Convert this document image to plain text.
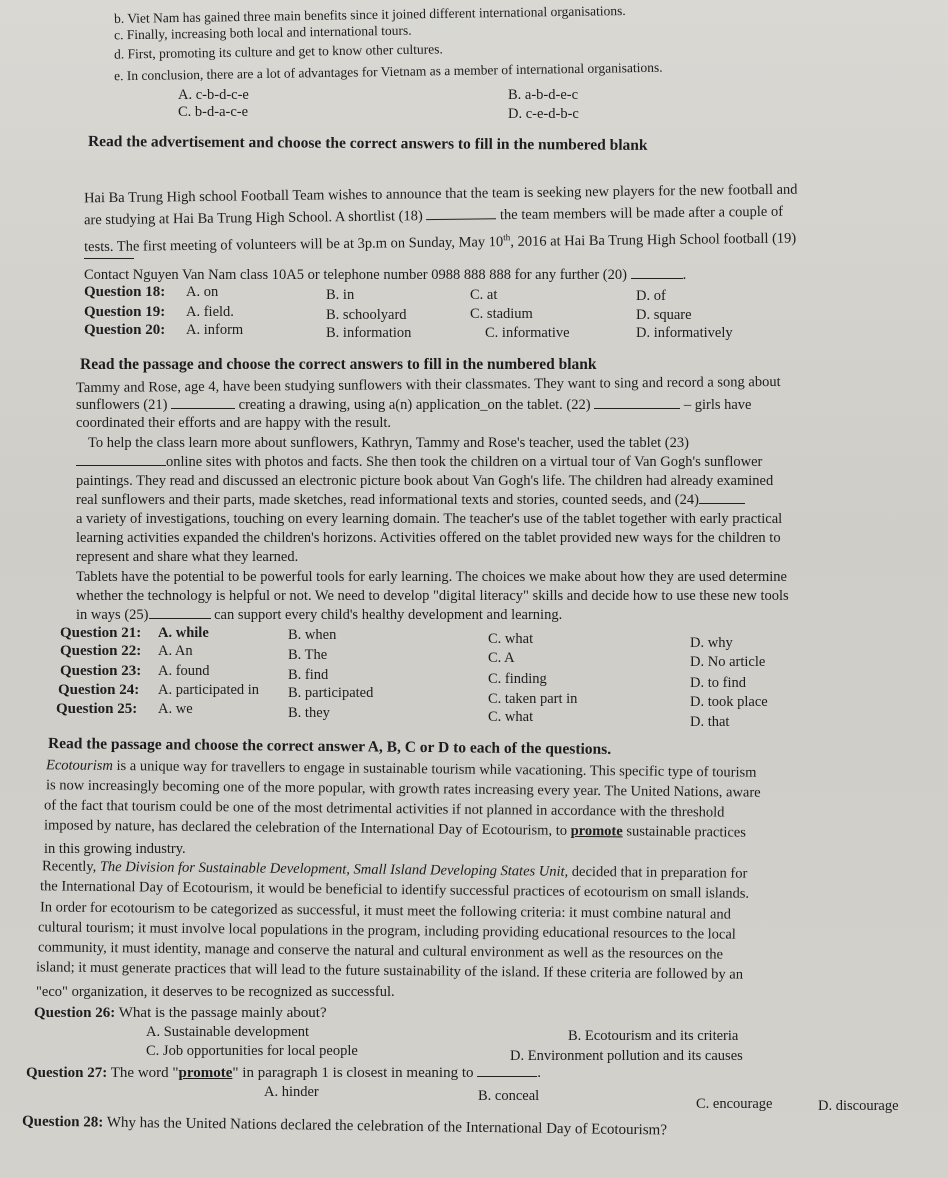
b. Viet Nam has gained three main benefits since it joined different international organisations.
c. Finally, increasing both local and international tours.
d. First, promoting its culture and get to know other cultures.
e. In conclusion, there are a lot of advantages for Vietnam as a member of international organisations.
A. c-b-d-c-e	B. a-b-d-e-c
C. b-d-a-c-e	D. c-e-d-b-c
Read the advertisement and choose the correct answers to fill in the numbered blank
Hai Ba Trung High school Football Team wishes to announce that the team is seeking new players for the new football and
are studying at Hai Ba Trung High School. A shortlist (18)	the team members will be made after a couple of
tests. The first meeting of volunteers will be at 3p.m on Sunday, May 10th, 2016 at Hai Ba Trung High School football (19)
Contact Nguyen Van Nam class 10A5 or telephone number 0988 888 888 for any further (20)	.
Question 18: A. on	B. in	C. at	D. of
Question 19: A. field.	B. schoolyard	C. stadium	D. square
Question 20: A. inform	B. information	C. informative	D. informatively
Read the passage and choose the correct answers to fill in the numbered blank
Tammy and Rose, age 4, have been studying sunflowers with their classmates. They want to sing and record a song about
sunflowers (21)	creating a drawing, using a(n) application_on the tablet. (22)	– girls have
coordinated their efforts and are happy with the result.
To help the class learn more about sunflowers, Kathryn, Tammy and Rose's teacher, used the tablet (23)
online sites with photos and facts. She then took the children on a virtual tour of Van Gogh's sunflower
paintings. They read and discussed an electronic picture book about Van Gogh's life. The children had already examined
real sunflowers and their parts, made sketches, read informational texts and stories, counted seeds, and (24)
a variety of investigations, touching on every learning domain. The teacher's use of the tablet together with early practical
learning activities expanded the children's horizons. Activities offered on the tablet provided new ways for the children to
represent and share what they learned.
Tablets have the potential to be powerful tools for early learning. The choices we make about how they are used determine
whether the technology is helpful or not. We need to develop "digital literacy" skills and decide how to use these new tools
in ways (25)	can support every child's healthy development and learning.
Question 21: A. while	B. when	C. what	D. why
Question 22: A. An	B. The	C. A	D. No article
Question 23: A. found	B. find	C. finding	D. to find
Question 24: A. participated in B. participated	C. taken part in	D. took place
Question 25: A. we	B. they	C. what	D. that
Read the passage and choose the correct answer A, B, C or D to each of the questions.
Ecotourism is a unique way for travellers to engage in sustainable tourism while vacationing. This specific type of tourism
is now increasingly becoming one of the more popular, with growth rates increasing every year. The United Nations, aware
of the fact that tourism could be one of the most detrimental activities if not planned in accordance with the threshold
imposed by nature, has declared the celebration of the International Day of Ecotourism, to promote sustainable practices
in this growing industry.
Recently, The Division for Sustainable Development, Small Island Developing States Unit, decided that in preparation for
the International Day of Ecotourism, it would be beneficial to identify successful practices of ecotourism on small islands.
In order for ecotourism to be categorized as successful, it must meet the following criteria: it must combine natural and
cultural tourism; it must involve local populations in the program, including providing educational resources to the local
community, it must identity, manage and conserve the natural and cultural environment as well as the resources on the
island; it must generate practices that will lead to the future sustainability of the island. If these criteria are followed by an
"eco" organization, it deserves to be recognized as successful.
Question 26: What is the passage mainly about?
A. Sustainable development	B. Ecotourism and its criteria
C. Job opportunities for local people	D. Environment pollution and its causes
Question 27: The word "promote" in paragraph 1 is closest in meaning to	.
A. hinder	B. conceal	C. encourage	D. discourage
Question 28: Why has the United Nations declared the celebration of the International Day of Ecotourism?
